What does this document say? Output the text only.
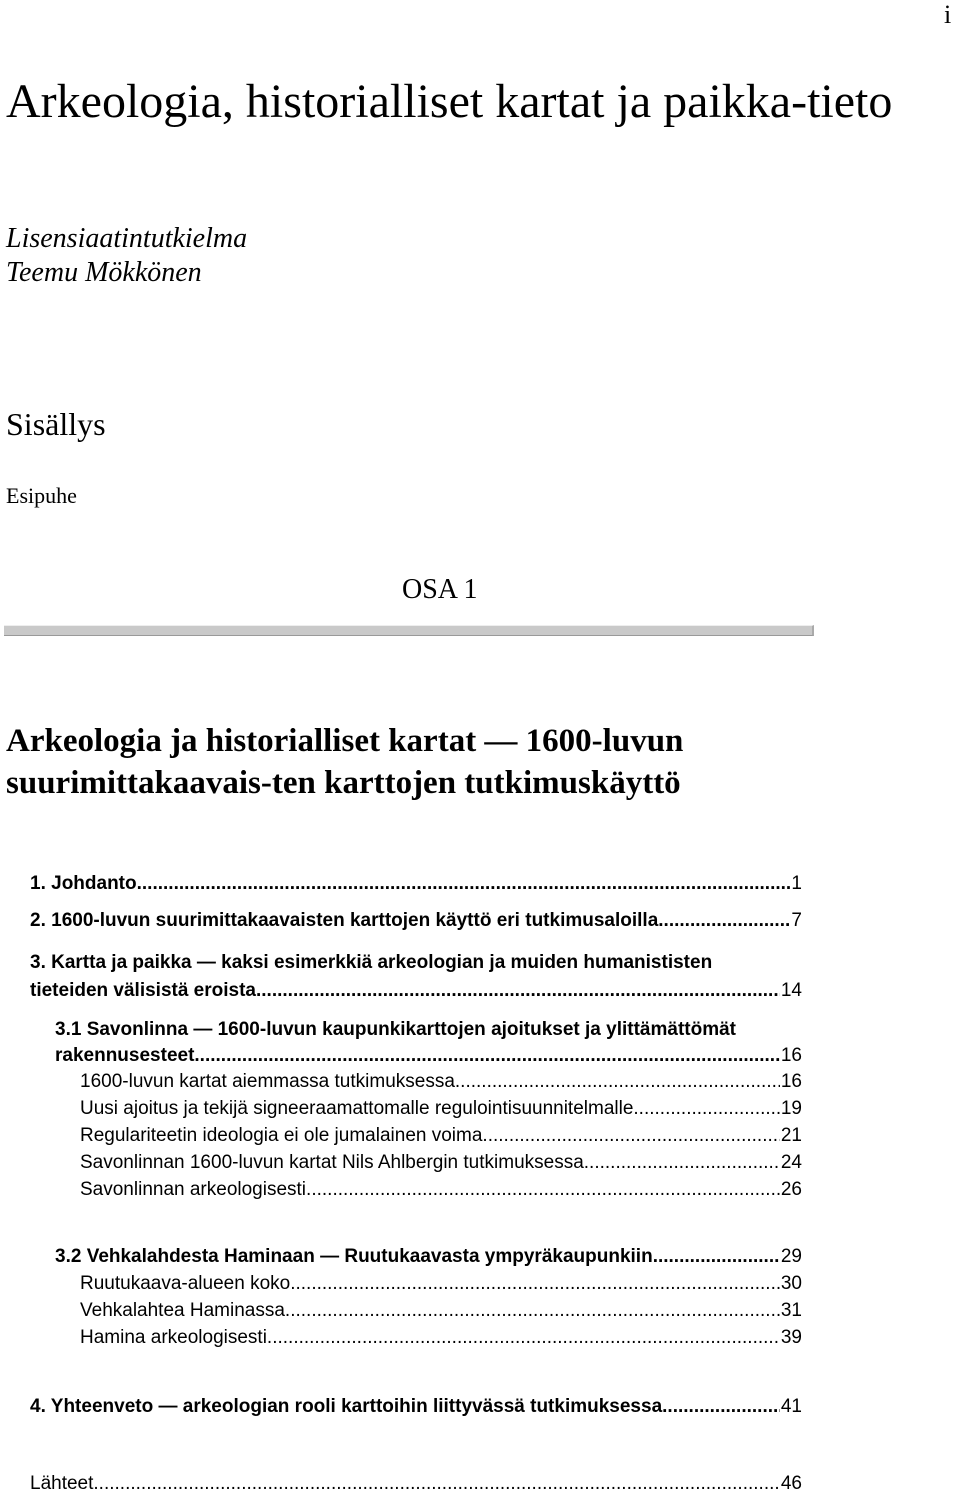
i
Arkeologia, historialliset kartat ja paikka-tieto
Lisensiaatintutkielma
Teemu Mökkönen
Sisällys
Esipuhe
OSA 1
Arkeologia ja historialliset kartat — 1600-luvun suurimittakaavais-ten karttojen tutkimuskäyttö
1. Johdanto .....	1
2. 1600-luvun suurimittakaavaisten karttojen käyttö eri tutkimusaloilla .....	7
3. Kartta ja paikka — kaksi esimerkkiä arkeologian ja muiden humanististen
tieteiden välisistä eroista .....	14
3.1 Savonlinna — 1600-luvun kaupunkikarttojen ajoitukset ja ylittämättömät
rakennusesteet .....	16
1600-luvun kartat aiemmassa tutkimuksessa .....	16
Uusi ajoitus ja tekijä signeeraamattomalle regulointisuunnitelmalle .....	19
Regulariteetin ideologia ei ole jumalainen voima .....	21
Savonlinnan 1600-luvun kartat Nils Ahlbergin tutkimuksessa .....	24
Savonlinnan arkeologisesti .....	26
3.2 Vehkalahdesta Haminaan — Ruutukaavasta ympyräkaupunkiin .....	29
Ruutukaava-alueen koko .....	30
Vehkalahtea Haminassa .....	31
Hamina arkeologisesti .....	39
4. Yhteenveto — arkeologian rooli karttoihin liittyvässä tutkimuksessa .....	41
Lähteet .....	46
